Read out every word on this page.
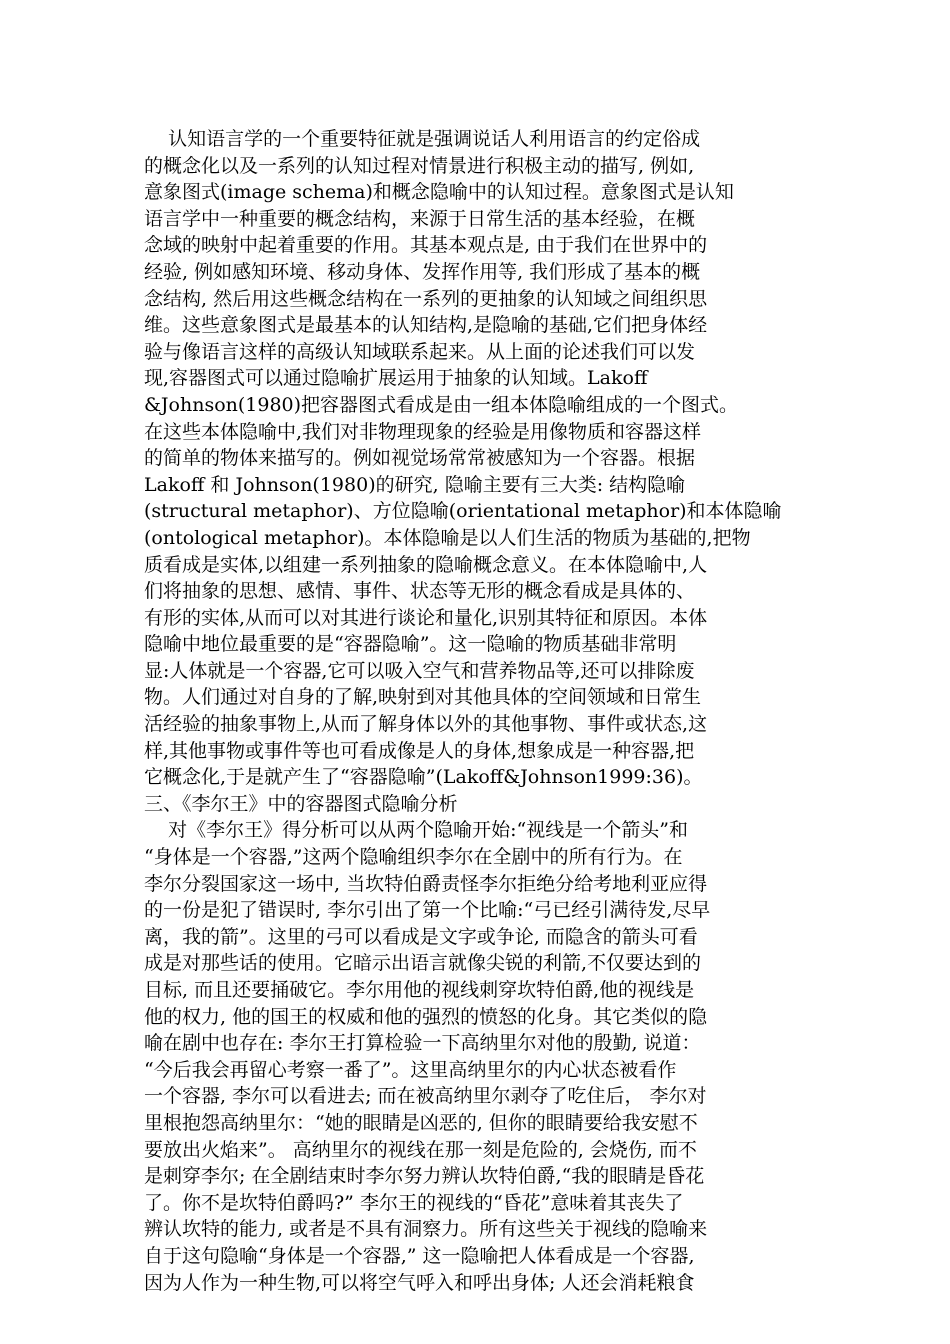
认知语言学的一个重要特征就是强调说话人利用语言的约定俗成
的概念化以及一系列的认知过程对情景进行积极主动的描写, 例如,
意象图式(image schema)和概念隐喻中的认知过程。意象图式是认知
语言学中一种重要的概念结构，来源于日常生活的基本经验，在概
念域的映射中起着重要的作用。其基本观点是, 由于我们在世界中的
经验, 例如感知环境、移动身体、发挥作用等, 我们形成了基本的概
念结构, 然后用这些概念结构在一系列的更抽象的认知域之间组织思
维。这些意象图式是最基本的认知结构,是隐喻的基础,它们把身体经
验与像语言这样的高级认知域联系起来。从上面的论述我们可以发
现,容器图式可以通过隐喻扩展运用于抽象的认知域。Lakoff
&Johnson(1980)把容器图式看成是由一组本体隐喻组成的一个图式。
在这些本体隐喻中,我们对非物理现象的经验是用像物质和容器这样
的简单的物体来描写的。例如视觉场常常被感知为一个容器。根据
Lakoff 和 Johnson(1980)的研究, 隐喻主要有三大类: 结构隐喻
(structural metaphor)、方位隐喻(orientational metaphor)和本体隐喻
(ontological metaphor)。本体隐喻是以人们生活的物质为基础的,把物
质看成是实体,以组建一系列抽象的隐喻概念意义。在本体隐喻中,人
们将抽象的思想、感情、事件、状态等无形的概念看成是具体的、
有形的实体,从而可以对其进行谈论和量化,识别其特征和原因。本体
隐喻中地位最重要的是“容器隐喻”。这一隐喻的物质基础非常明
显:人体就是一个容器,它可以吸入空气和营养物品等,还可以排除废
物。人们通过对自身的了解,映射到对其他具体的空间领域和日常生
活经验的抽象事物上,从而了解身体以外的其他事物、事件或状态,这
样,其他事物或事件等也可看成像是人的身体,想象成是一种容器,把
它概念化,于是就产生了“容器隐喻”(Lakoff&Johnson1999:36)。
三、《李尔王》中的容器图式隐喻分析
对《李尔王》得分析可以从两个隐喻开始:“视线是一个箭头”和
“身体是一个容器,”这两个隐喻组织李尔在全剧中的所有行为。在
李尔分裂国家这一场中, 当坎特伯爵责怪李尔拒绝分给考地利亚应得
的一份是犯了错误时, 李尔引出了第一个比喻:“弓已经引满待发,尽早
离，我的箭”。这里的弓可以看成是文字或争论, 而隐含的箭头可看
成是对那些话的使用。它暗示出语言就像尖锐的利箭,不仅要达到的
目标, 而且还要捅破它。李尔用他的视线刺穿坎特伯爵,他的视线是
他的权力, 他的国王的权威和他的强烈的愤怒的化身。其它类似的隐
喻在剧中也存在: 李尔王打算检验一下高纳里尔对他的殷勤, 说道：
“今后我会再留心考察一番了”。这里高纳里尔的内心状态被看作
一个容器, 李尔可以看进去; 而在被高纳里尔剥夺了吃住后， 李尔对
里根抱怨高纳里尔：“她的眼睛是凶恶的, 但你的眼睛要给我安慰不
要放出火焰来”。 高纳里尔的视线在那一刻是危险的, 会烧伤, 而不
是刺穿李尔; 在全剧结束时李尔努力辨认坎特伯爵,“我的眼睛是昏花
了。你不是坎特伯爵吗?” 李尔王的视线的“昏花”意味着其丧失了
辨认坎特的能力, 或者是不具有洞察力。所有这些关于视线的隐喻来
自于这句隐喻“身体是一个容器,” 这一隐喻把人体看成是一个容器,
因为人作为一种生物,可以将空气呼入和呼出身体; 人还会消耗粮食
